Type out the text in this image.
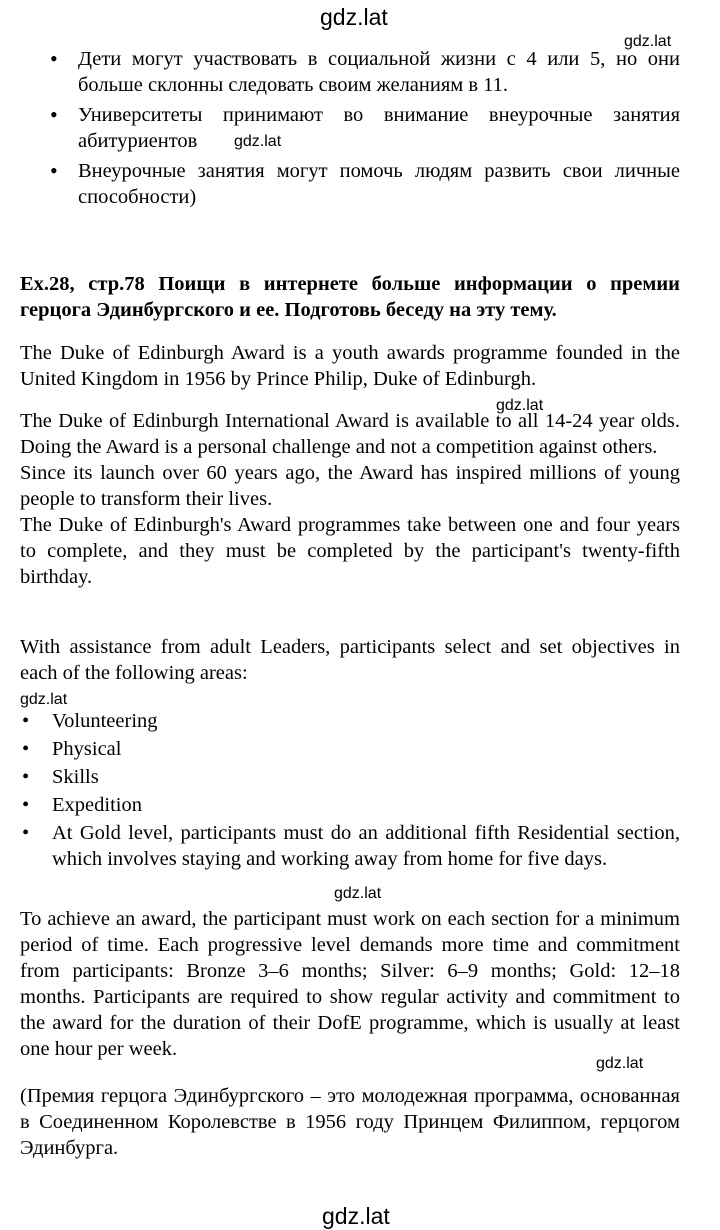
gdz.lat
gdz.lat
gdz.lat
gdz.lat
gdz.lat
gdz.lat
gdz.lat
gdz.lat
• Дети могут участвовать в социальной жизни с 4 или 5, но они больше склонны следовать своим желаниям в 11.
• Университеты принимают во внимание внеурочные занятия абитуриентов
• Внеурочные занятия могут помочь людям развить свои личные способности)

Ex.28, стр.78 Поищи в интернете больше информации о премии герцога Эдинбургского и ее. Подготовь беседу на эту тему.

The Duke of Edinburgh Award is a youth awards programme founded in the United Kingdom in 1956 by Prince Philip, Duke of Edinburgh.

The Duke of Edinburgh International Award is available to all 14-24 year olds. Doing the Award is a personal challenge and not a competition against others.

Since its launch over 60 years ago, the Award has inspired millions of young people to transform their lives.

The Duke of Edinburgh's Award programmes take between one and four years to complete, and they must be completed by the participant's twenty-fifth birthday.

With assistance from adult Leaders, participants select and set objectives in each of the following areas:

• Volunteering
• Physical
• Skills
• Expedition
• At Gold level, participants must do an additional fifth Residential section, which involves staying and working away from home for five days.

To achieve an award, the participant must work on each section for a minimum period of time. Each progressive level demands more time and commitment from participants: Bronze 3–6 months; Silver: 6–9 months; Gold: 12–18 months. Participants are required to show regular activity and commitment to the award for the duration of their DofE programme, which is usually at least one hour per week.

(Премия герцога Эдинбургского – это молодежная программа, основанная в Соединенном Королевстве в 1956 году Принцем Филиппом, герцогом Эдинбурга.
